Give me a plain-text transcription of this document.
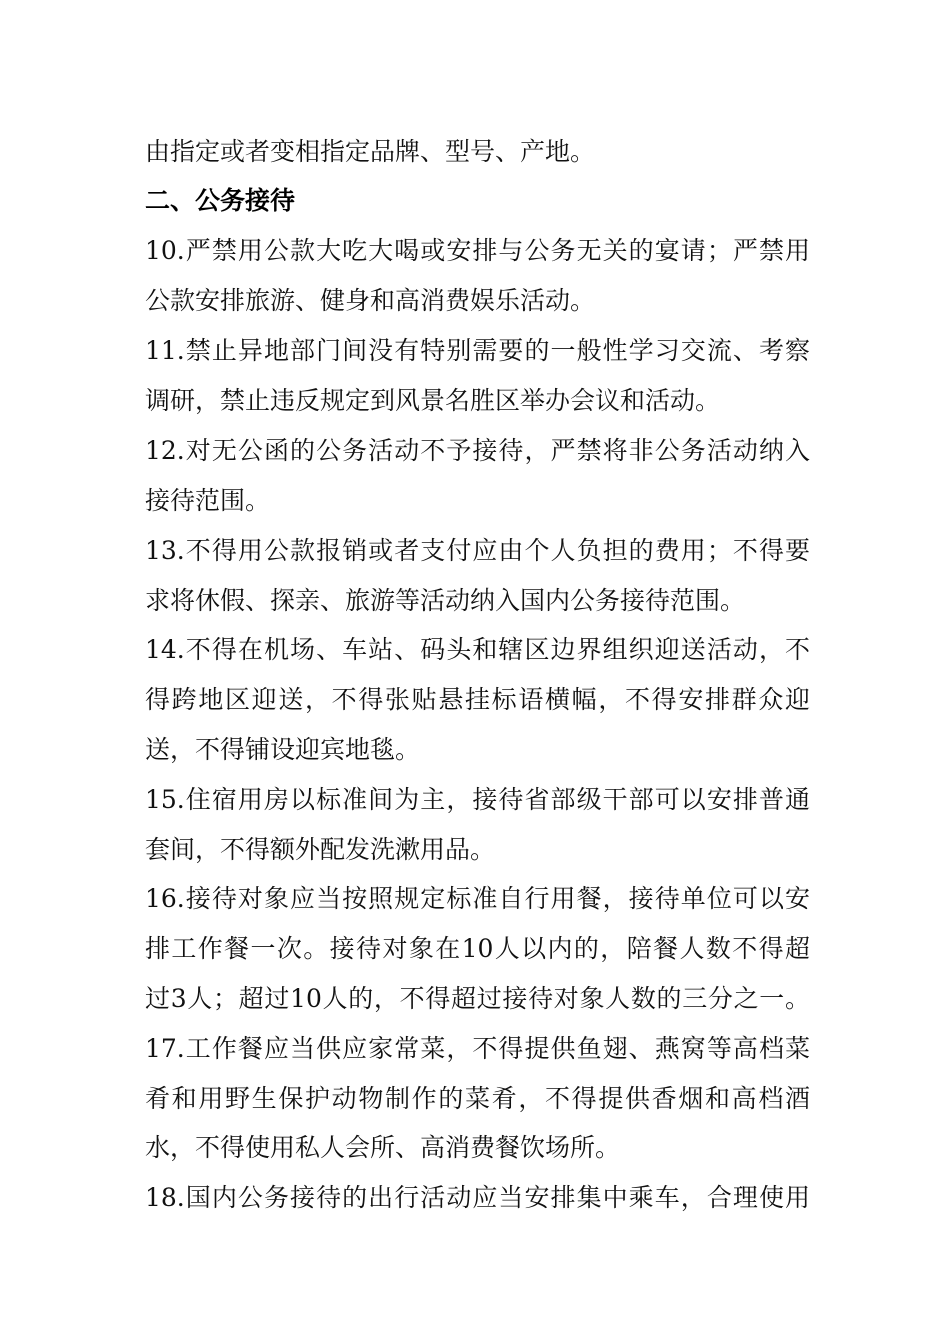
由指定或者变相指定品牌、型号、产地。
二、公务接待
10.严禁用公款大吃大喝或安排与公务无关的宴请；严禁用
公款安排旅游、健身和高消费娱乐活动。
11.禁止异地部门间没有特别需要的一般性学习交流、考察
调研，禁止违反规定到风景名胜区举办会议和活动。
12.对无公函的公务活动不予接待，严禁将非公务活动纳入
接待范围。
13.不得用公款报销或者支付应由个人负担的费用；不得要
求将休假、探亲、旅游等活动纳入国内公务接待范围。
14.不得在机场、车站、码头和辖区边界组织迎送活动，不
得跨地区迎送，不得张贴悬挂标语横幅，不得安排群众迎
送，不得铺设迎宾地毯。
15.住宿用房以标准间为主，接待省部级干部可以安排普通
套间，不得额外配发洗漱用品。
16.接待对象应当按照规定标准自行用餐，接待单位可以安
排工作餐一次。接待对象在10人以内的，陪餐人数不得超
过3人；超过10人的，不得超过接待对象人数的三分之一。
17.工作餐应当供应家常菜，不得提供鱼翅、燕窝等高档菜
肴和用野生保护动物制作的菜肴，不得提供香烟和高档酒
水，不得使用私人会所、高消费餐饮场所。
18.国内公务接待的出行活动应当安排集中乘车，合理使用
